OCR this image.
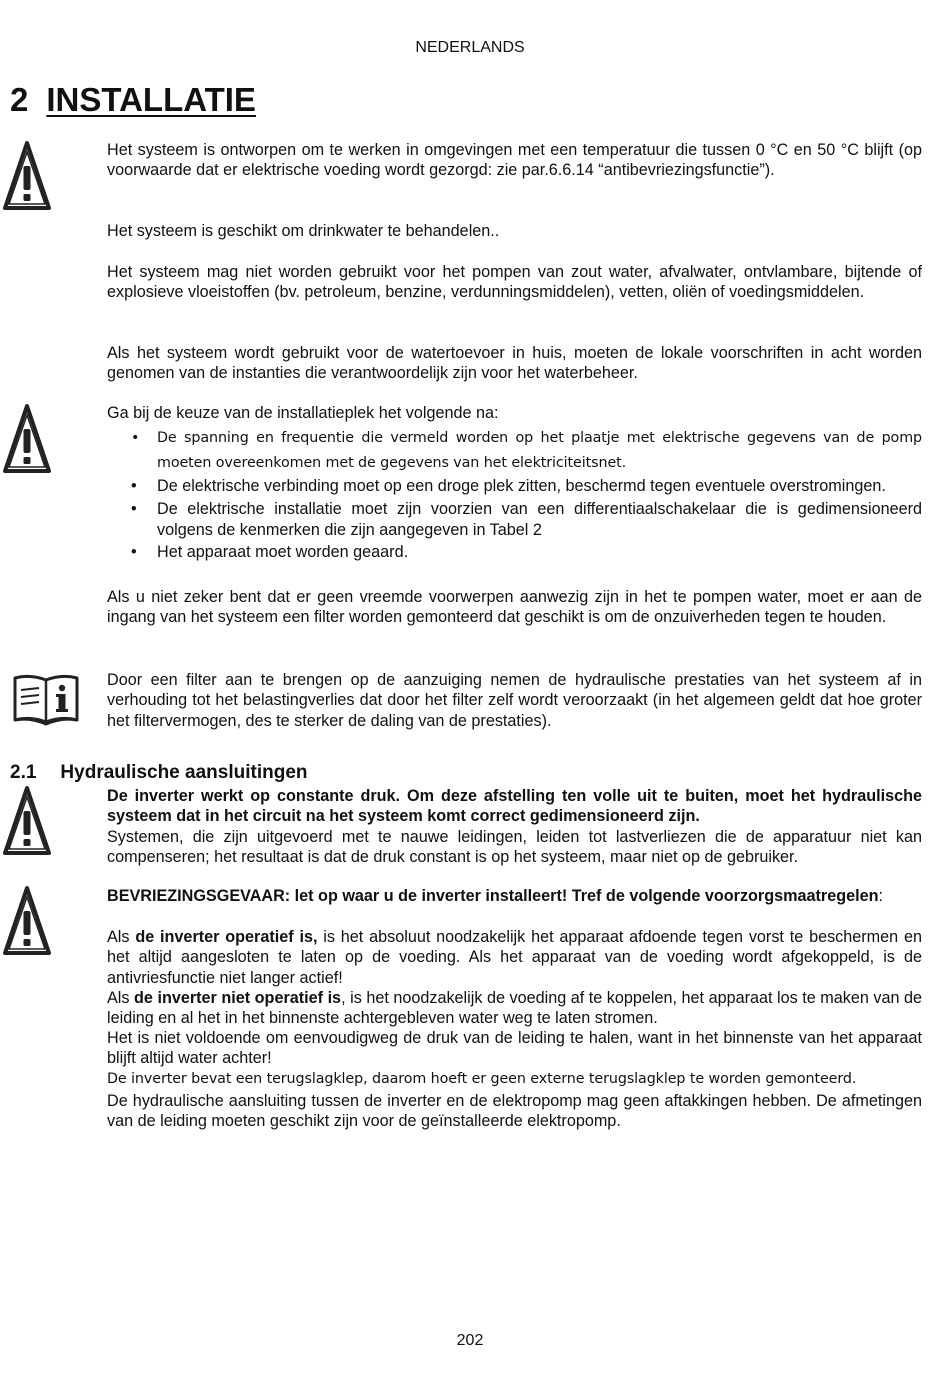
NEDERLANDS
2 INSTALLATIE
Het systeem is ontworpen om te werken in omgevingen met een temperatuur die tussen 0 °C en 50 °C blijft (op voorwaarde dat er elektrische voeding wordt gezorgd: zie par.6.6.14 “antibevriezingsfunctie”).
Het systeem is geschikt om drinkwater te behandelen..
Het systeem mag niet worden gebruikt voor het pompen van zout water, afvalwater, ontvlambare, bijtende of explosieve vloeistoffen (bv. petroleum, benzine, verdunningsmiddelen), vetten, oliën of voedingsmiddelen.
Als het systeem wordt gebruikt voor de watertoevoer in huis, moeten de lokale voorschriften in acht worden genomen van de instanties die verantwoordelijk zijn voor het waterbeheer.
Ga bij de keuze van de installatieplek het volgende na:
• De spanning en frequentie die vermeld worden op het plaatje met elektrische gegevens van de pomp moeten overeenkomen met de gegevens van het elektriciteitsnet.
• De elektrische verbinding moet op een droge plek zitten, beschermd tegen eventuele overstromingen.
• De elektrische installatie moet zijn voorzien van een differentiaalschakelaar die is gedimensioneerd volgens de kenmerken die zijn aangegeven in Tabel 2
• Het apparaat moet worden geaard.
Als u niet zeker bent dat er geen vreemde voorwerpen aanwezig zijn in het te pompen water, moet er aan de ingang van het systeem een filter worden gemonteerd dat geschikt is om de onzuiverheden tegen te houden.
Door een filter aan te brengen op de aanzuiging nemen de hydraulische prestaties van het systeem af in verhouding tot het belastingverlies dat door het filter zelf wordt veroorzaakt (in het algemeen geldt dat hoe groter het filtervermogen, des te sterker de daling van de prestaties).
2.1 Hydraulische aansluitingen
De inverter werkt op constante druk. Om deze afstelling ten volle uit te buiten, moet het hydraulische systeem dat in het circuit na het systeem komt correct gedimensioneerd zijn.
Systemen, die zijn uitgevoerd met te nauwe leidingen, leiden tot lastverliezen die de apparatuur niet kan compenseren; het resultaat is dat de druk constant is op het systeem, maar niet op de gebruiker.
BEVRIEZINGSGEVAAR: let op waar u de inverter installeert! Tref de volgende voorzorgsmaatregelen:
Als de inverter operatief is, is het absoluut noodzakelijk het apparaat afdoende tegen vorst te beschermen en het altijd aangesloten te laten op de voeding. Als het apparaat van de voeding wordt afgekoppeld, is de antivriesfunctie niet langer actief!
Als de inverter niet operatief is, is het noodzakelijk de voeding af te koppelen, het apparaat los te maken van de leiding en al het in het binnenste achtergebleven water weg te laten stromen.
Het is niet voldoende om eenvoudigweg de druk van de leiding te halen, want in het binnenste van het apparaat blijft altijd water achter!
De inverter bevat een terugslagklep, daarom hoeft er geen externe terugslagklep te worden gemonteerd.
De hydraulische aansluiting tussen de inverter en de elektropomp mag geen aftakkingen hebben. De afmetingen van de leiding moeten geschikt zijn voor de geïnstalleerde elektropomp.
202
